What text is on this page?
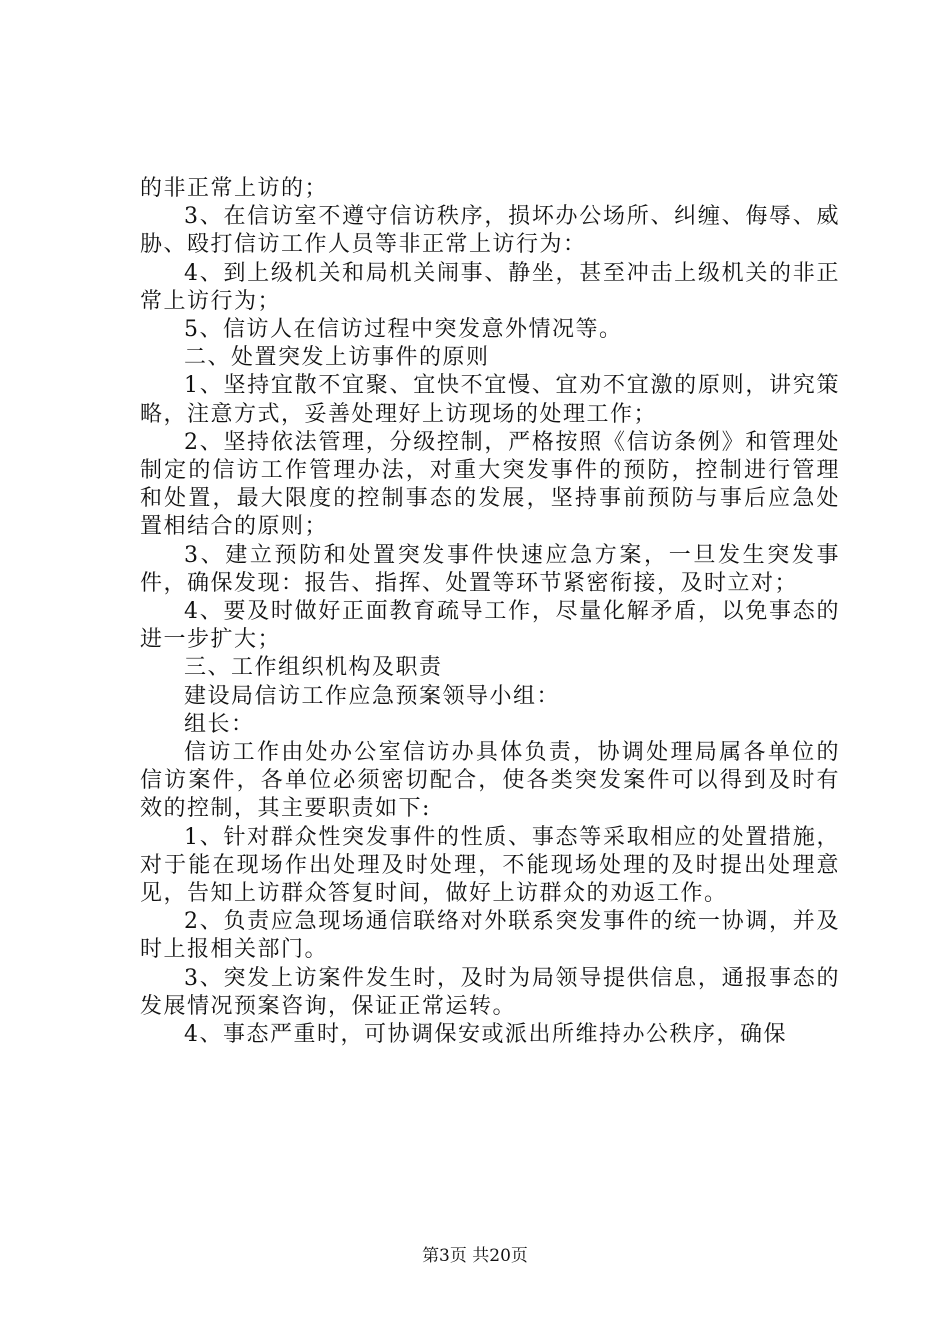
的非正常上访的；

3、在信访室不遵守信访秩序，损坏办公场所、纠缠、侮辱、威胁、殴打信访工作人员等非正常上访行为：

4、到上级机关和局机关闹事、静坐，甚至冲击上级机关的非正常上访行为；

5、信访人在信访过程中突发意外情况等。

二、处置突发上访事件的原则

1、坚持宜散不宜聚、宜快不宜慢、宜劝不宜激的原则，讲究策略，注意方式，妥善处理好上访现场的处理工作；

2、坚持依法管理，分级控制，严格按照《信访条例》和管理处制定的信访工作管理办法，对重大突发事件的预防，控制进行管理和处置，最大限度的控制事态的发展，坚持事前预防与事后应急处置相结合的原则；

3、建立预防和处置突发事件快速应急方案，一旦发生突发事件，确保发现：报告、指挥、处置等环节紧密衔接，及时立对；

4、要及时做好正面教育疏导工作，尽量化解矛盾，以免事态的进一步扩大；

三、工作组织机构及职责

建设局信访工作应急预案领导小组：

组长：

信访工作由处办公室信访办具体负责，协调处理局属各单位的信访案件，各单位必须密切配合，使各类突发案件可以得到及时有效的控制，其主要职责如下:

1、针对群众性突发事件的性质、事态等采取相应的处置措施，对于能在现场作出处理及时处理，不能现场处理的及时提出处理意见，告知上访群众答复时间，做好上访群众的劝返工作。

2、负责应急现场通信联络对外联系突发事件的统一协调，并及时上报相关部门。

3、突发上访案件发生时，及时为局领导提供信息，通报事态的发展情况预案咨询，保证正常运转。

4、事态严重时，可协调保安或派出所维持办公秩序，确保

第3页 共20页
